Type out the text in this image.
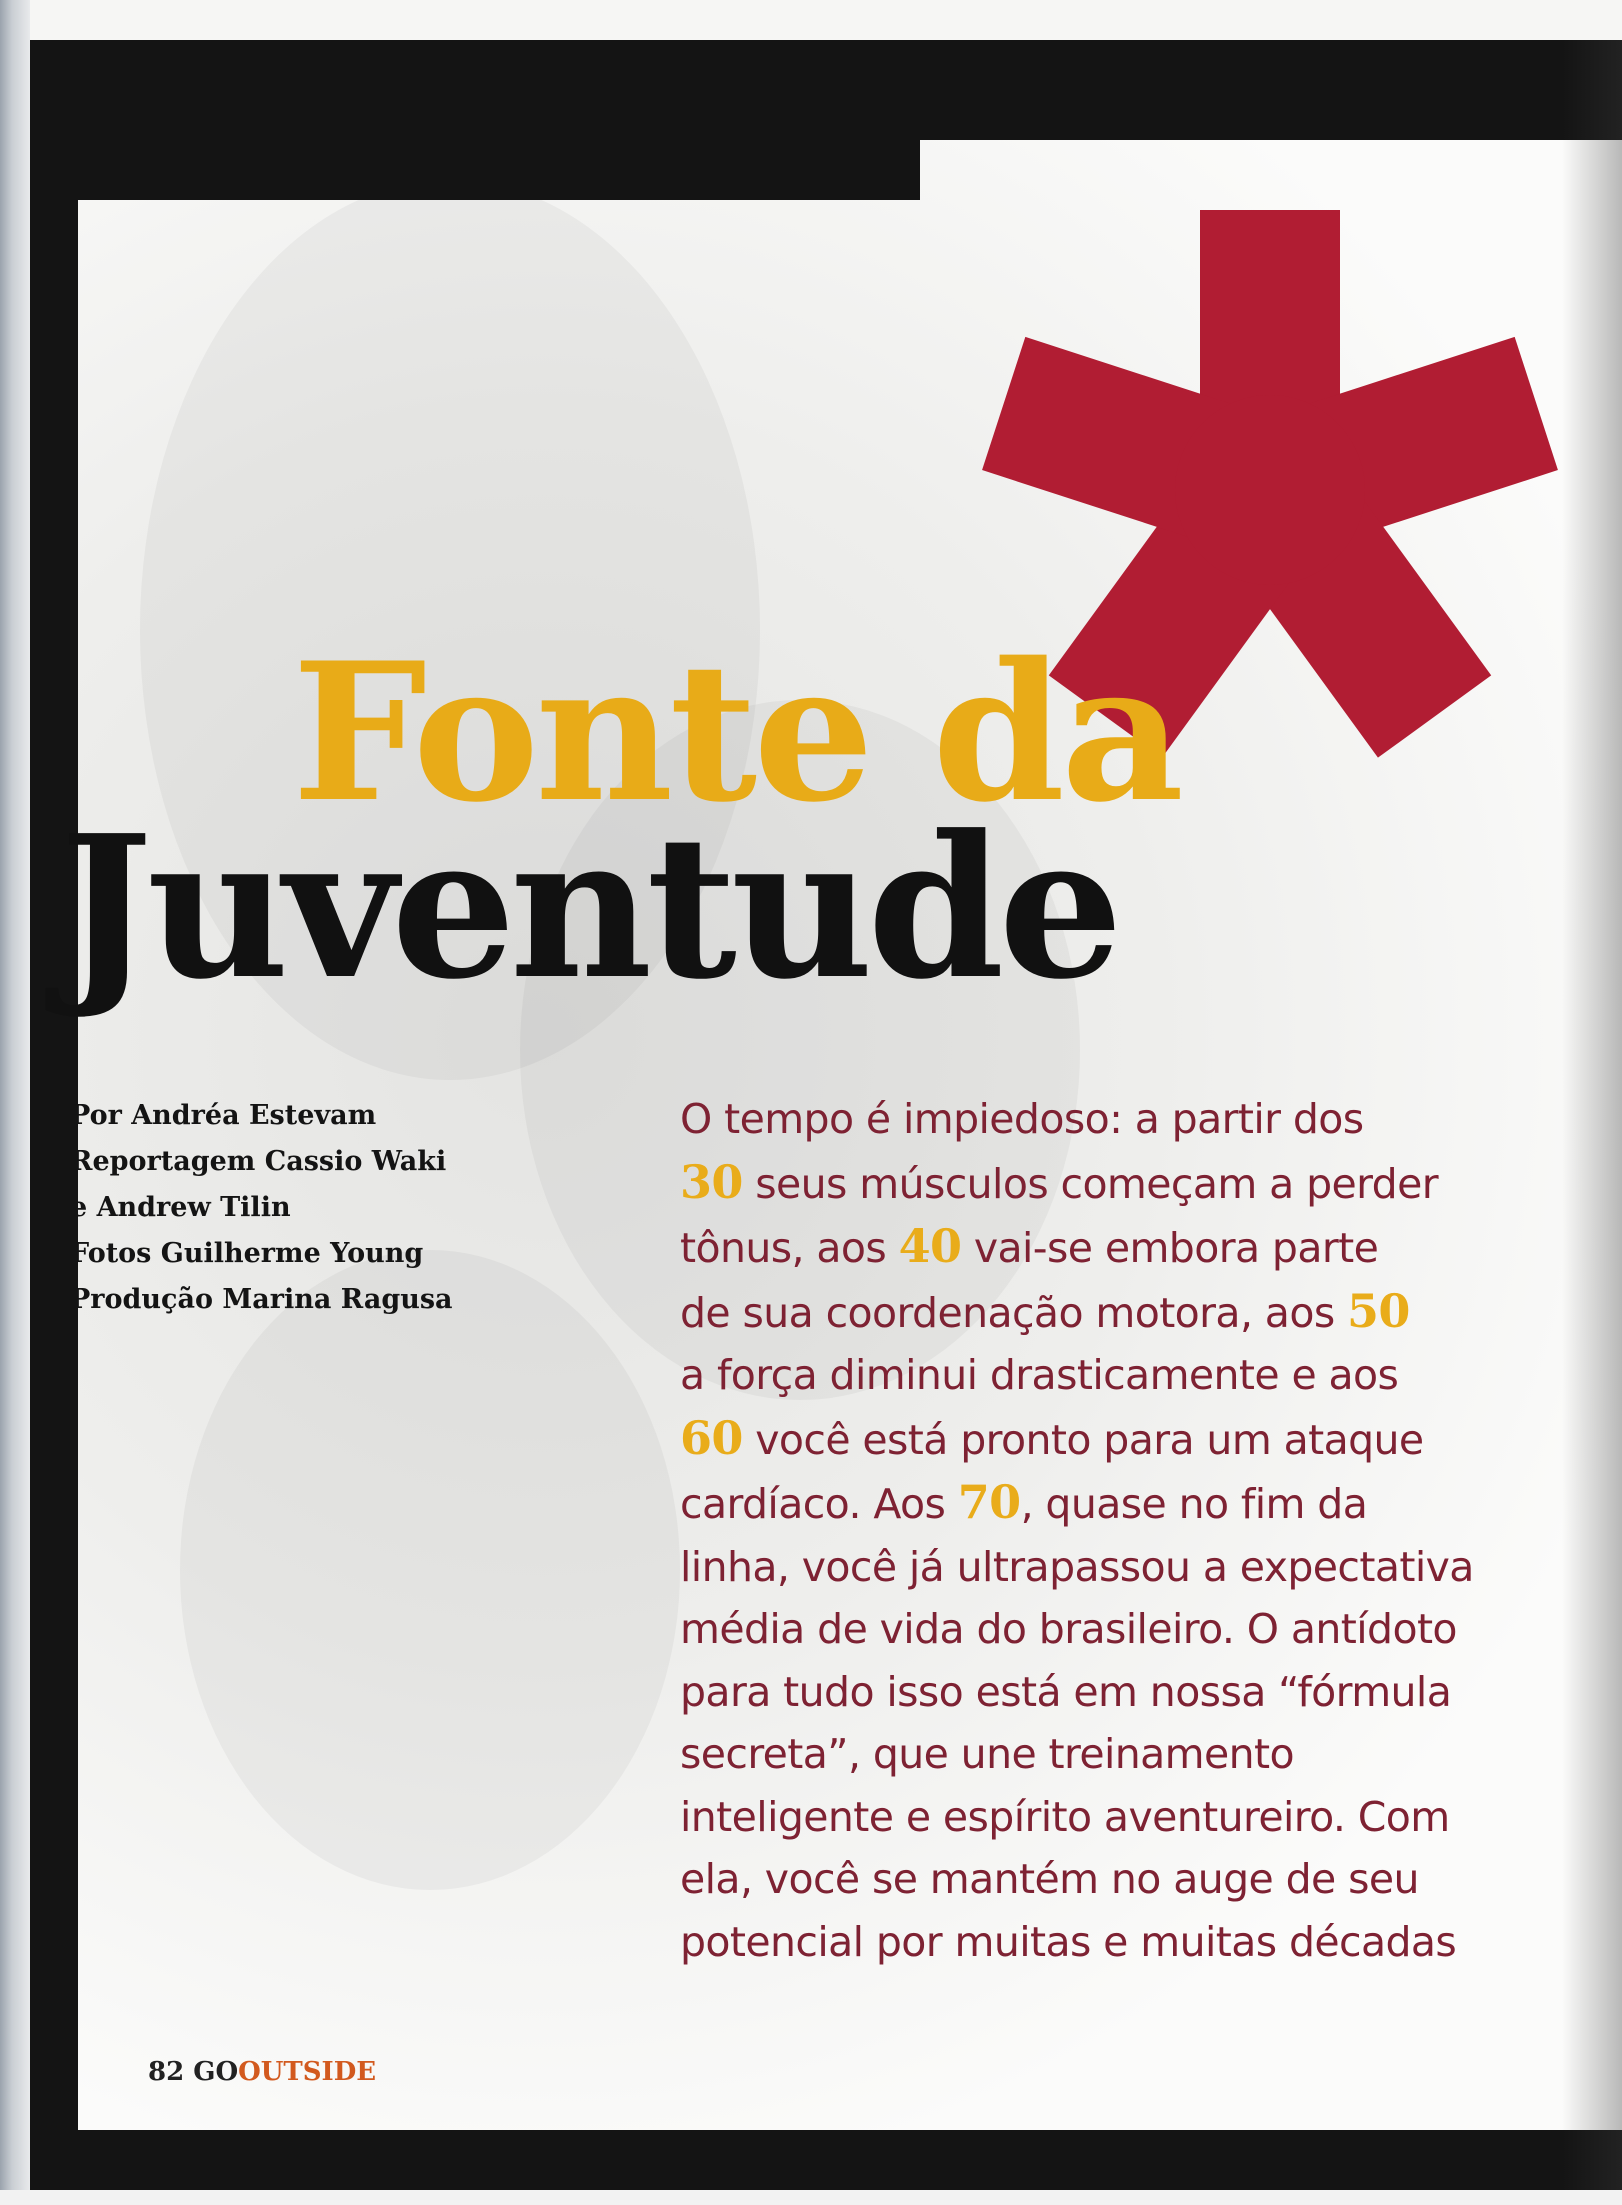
Fonte da
Juventude
Por Andréa Estevam
Reportagem Cassio Waki
e Andrew Tilin
Fotos Guilherme Young
Produção Marina Ragusa
O tempo é impiedoso: a partir dos
30 seus músculos começam a perder
tônus, aos 40 vai-se embora parte
de sua coordenação motora, aos 50
a força diminui drasticamente e aos
60 você está pronto para um ataque
cardíaco. Aos 70, quase no fim da
linha, você já ultrapassou a expectativa
média de vida do brasileiro. O antídoto
para tudo isso está em nossa “fórmula
secreta”, que une treinamento
inteligente e espírito aventureiro. Com
ela, você se mantém no auge de seu
potencial por muitas e muitas décadas
82 GOOUTSIDE
